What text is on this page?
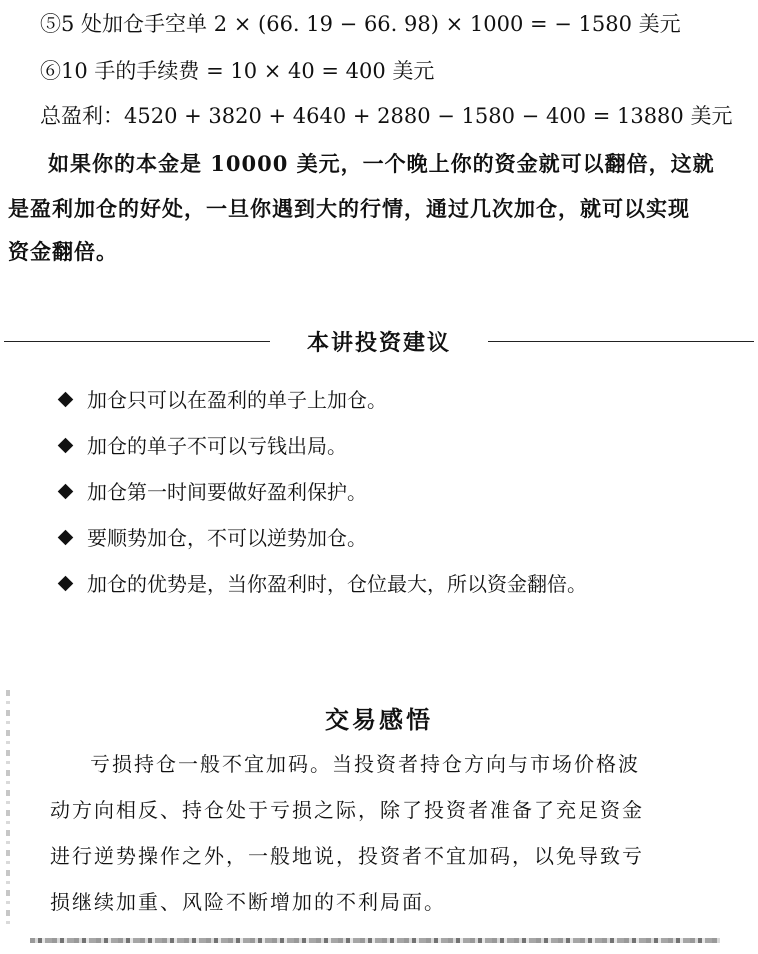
⑤5 处加仓手空单 2 × (66. 19 − 66. 98) × 1000 = − 1580 美元
⑥10 手的手续费 = 10 × 40 = 400 美元
总盈利：4520 + 3820 + 4640 + 2880 − 1580 − 400 = 13880 美元
如果你的本金是 10000 美元，一个晚上你的资金就可以翻倍，这就
是盈利加仓的好处，一旦你遇到大的行情，通过几次加仓，就可以实现
资金翻倍。
本讲投资建议
加仓只可以在盈利的单子上加仓。
加仓的单子不可以亏钱出局。
加仓第一时间要做好盈利保护。
要顺势加仓，不可以逆势加仓。
加仓的优势是，当你盈利时，仓位最大，所以资金翻倍。
交易感悟
亏损持仓一般不宜加码。当投资者持仓方向与市场价格波
动方向相反、持仓处于亏损之际，除了投资者准备了充足资金
进行逆势操作之外，一般地说，投资者不宜加码，以免导致亏
损继续加重、风险不断增加的不利局面。
